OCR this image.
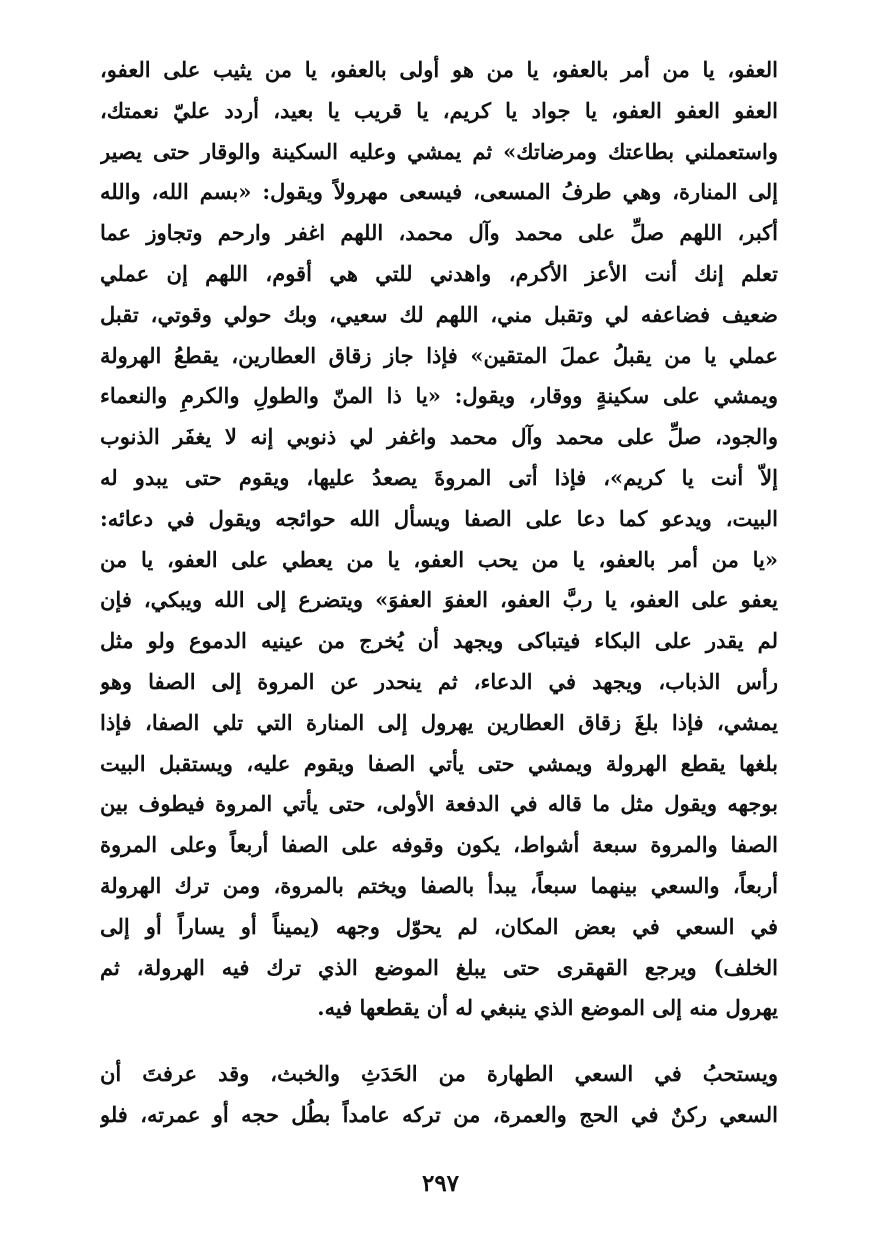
العفو، يا من أمر بالعفو، يا من هو أولى بالعفو، يا من يثيب على العفو،
العفو العفو العفو، يا جواد يا كريم، يا قريب يا بعيد، أردد عليّ نعمتك،
واستعملني بطاعتك ومرضاتك» ثم يمشي وعليه السكينة والوقار حتى يصير
إلى المنارة، وهي طرفُ المسعى، فيسعى مهرولاً ويقول: «بسم الله، والله
أكبر، اللهم صلِّ على محمد وآل محمد، اللهم اغفر وارحم وتجاوز عما
تعلم إنك أنت الأعز الأكرم، واهدني للتي هي أقوم، اللهم إن عملي
ضعيف فضاعفه لي وتقبل مني، اللهم لك سعيي، وبك حولي وقوتي، تقبل
عملي يا من يقبلُ عملَ المتقين» فإذا جاز زقاق العطارين، يقطعُ الهرولة
ويمشي على سكينةٍ ووقار، ويقول: «يا ذا المنّ والطولِ والكرمِ والنعماء
والجود، صلِّ على محمد وآل محمد واغفر لي ذنوبي إنه لا يغفَر الذنوب
إلاّ أنت يا كريم»، فإذا أتى المروةَ يصعدُ عليها، ويقوم حتى يبدو له
البيت، ويدعو كما دعا على الصفا ويسأل الله حوائجه ويقول في دعائه:
«يا من أمر بالعفو، يا من يحب العفو، يا من يعطي على العفو، يا من
يعفو على العفو، يا ربَّ العفو، العفوَ العفوَ» ويتضرع إلى الله ويبكي، فإن
لم يقدر على البكاء فيتباكى ويجهد أن يُخرج من عينيه الدموع ولو مثل
رأس الذباب، ويجهد في الدعاء، ثم ينحدر عن المروة إلى الصفا وهو
يمشي، فإذا بلغَ زقاق العطارين يهرول إلى المنارة التي تلي الصفا، فإذا
بلغها يقطع الهرولة ويمشي حتى يأتي الصفا ويقوم عليه، ويستقبل البيت
بوجهه ويقول مثل ما قاله في الدفعة الأولى، حتى يأتي المروة فيطوف بين
الصفا والمروة سبعة أشواط، يكون وقوفه على الصفا أربعاً وعلى المروة
أربعاً، والسعي بينهما سبعاً، يبدأ بالصفا ويختم بالمروة، ومن ترك الهرولة
في السعي في بعض المكان، لم يحوّل وجهه (يميناً أو يساراً أو إلى
الخلف) ويرجع القهقرى حتى يبلغ الموضع الذي ترك فيه الهرولة، ثم
يهرول منه إلى الموضع الذي ينبغي له أن يقطعها فيه.
ويستحبُ في السعي الطهارة من الحَدَثِ والخبث، وقد عرفتَ أن
السعي ركنٌ في الحج والعمرة، من تركه عامداً بطُل حجه أو عمرته، فلو
٢٩٧
